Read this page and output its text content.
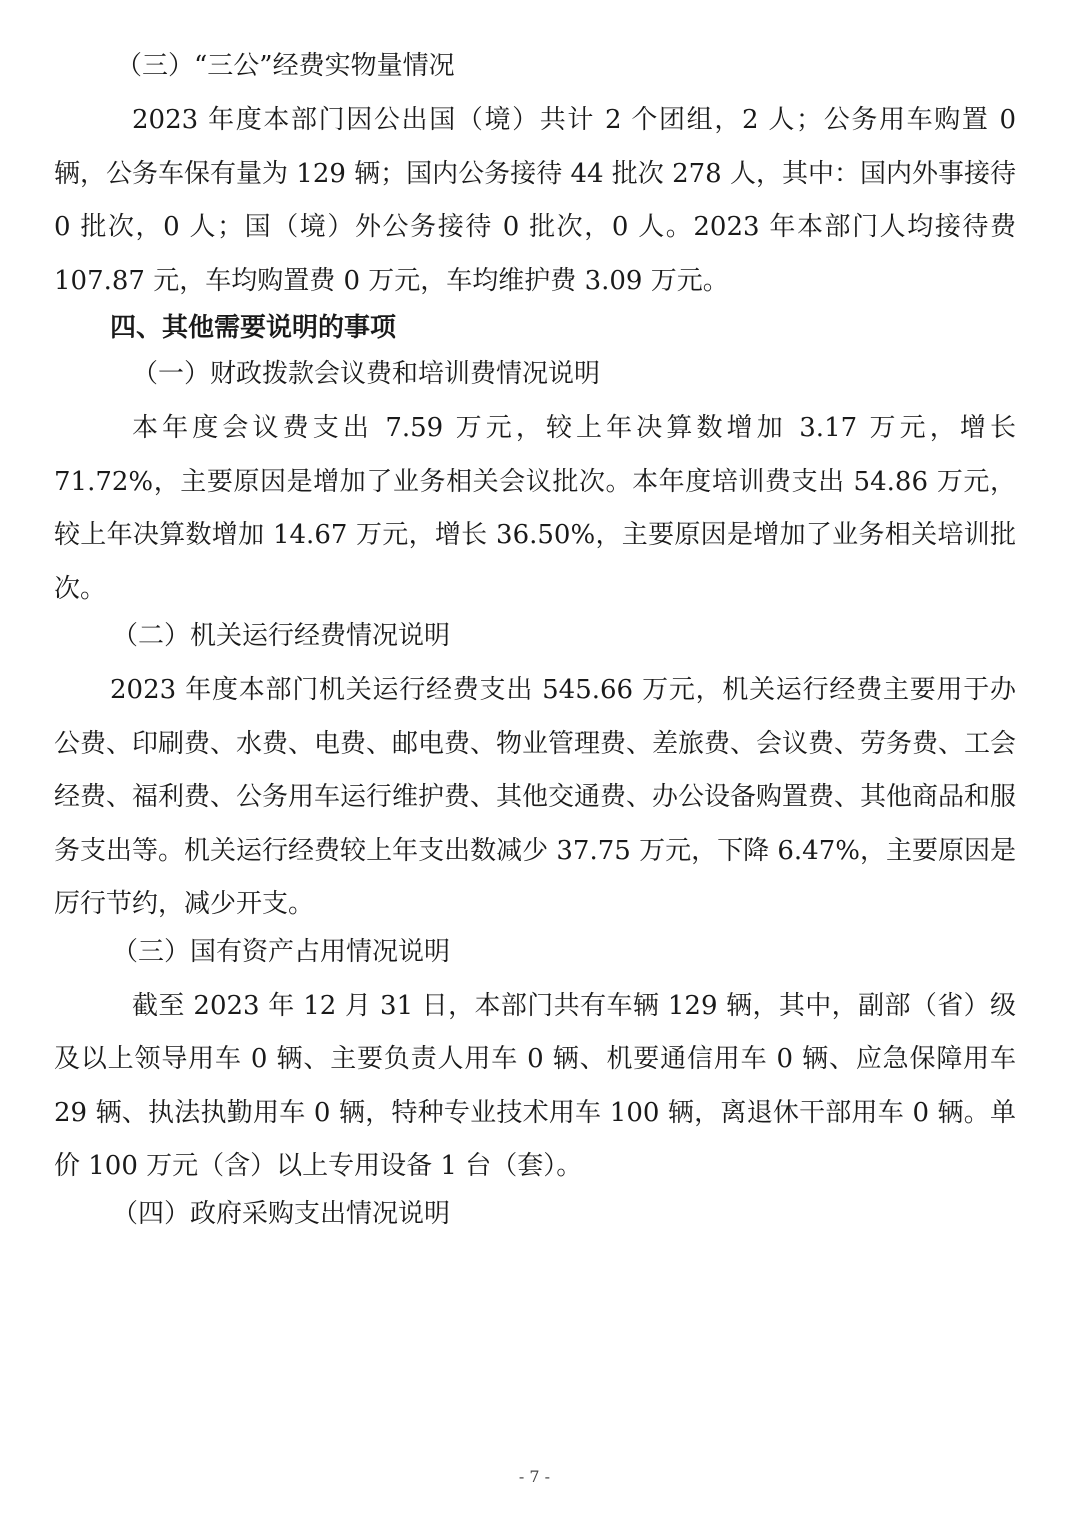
（三）“三公”经费实物量情况

2023 年度本部门因公出国（境）共计 2 个团组，2 人；公务用车购置 0 辆，公务车保有量为 129 辆；国内公务接待 44 批次 278 人，其中：国内外事接待 0 批次，0 人；国（境）外公务接待 0 批次，0 人。2023 年本部门人均接待费 107.87 元，车均购置费 0 万元，车均维护费 3.09 万元。

四、其他需要说明的事项
（一）财政拨款会议费和培训费情况说明

本年度会议费支出 7.59 万元，较上年决算数增加 3.17 万元，增长 71.72%，主要原因是增加了业务相关会议批次。本年度培训费支出 54.86 万元，较上年决算数增加 14.67 万元，增长 36.50%，主要原因是增加了业务相关培训批次。

（二）机关运行经费情况说明

2023 年度本部门机关运行经费支出 545.66 万元，机关运行经费主要用于办公费、印刷费、水费、电费、邮电费、物业管理费、差旅费、会议费、劳务费、工会经费、福利费、公务用车运行维护费、其他交通费、办公设备购置费、其他商品和服务支出等。机关运行经费较上年支出数减少 37.75 万元，下降 6.47%，主要原因是厉行节约，减少开支。

（三）国有资产占用情况说明

截至 2023 年 12 月 31 日，本部门共有车辆 129 辆，其中，副部（省）级及以上领导用车 0 辆、主要负责人用车 0 辆、机要通信用车 0 辆、应急保障用车 29 辆、执法执勤用车 0 辆，特种专业技术用车 100 辆，离退休干部用车 0 辆。单价 100 万元（含）以上专用设备 1 台（套）。

（四）政府采购支出情况说明
- 7 -
